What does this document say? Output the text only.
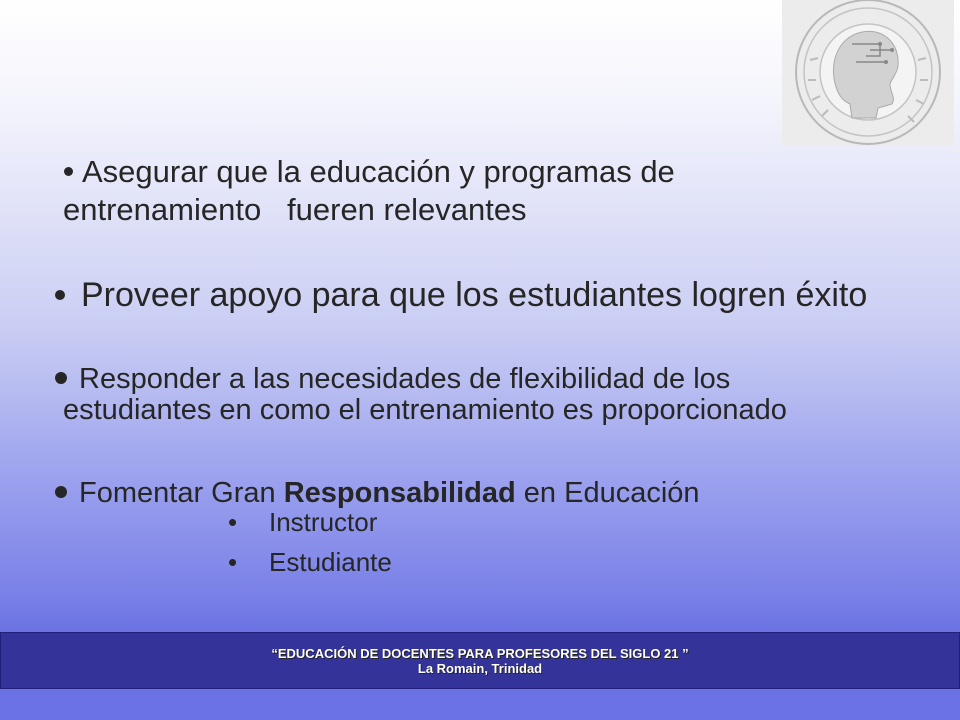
Asegurar que la educación y programas de
entrenamiento   fueren relevantes
Proveer apoyo para que los estudiantes logren éxito
Responder a las necesidades de flexibilidad de los
estudiantes en como el entrenamiento es proporcionado
Fomentar Gran Responsabilidad en Educación
• Instructor
• Estudiante
“EDUCACIÓN DE DOCENTES PARA PROFESORES DEL SIGLO 21 ”
La Romain, Trinidad
